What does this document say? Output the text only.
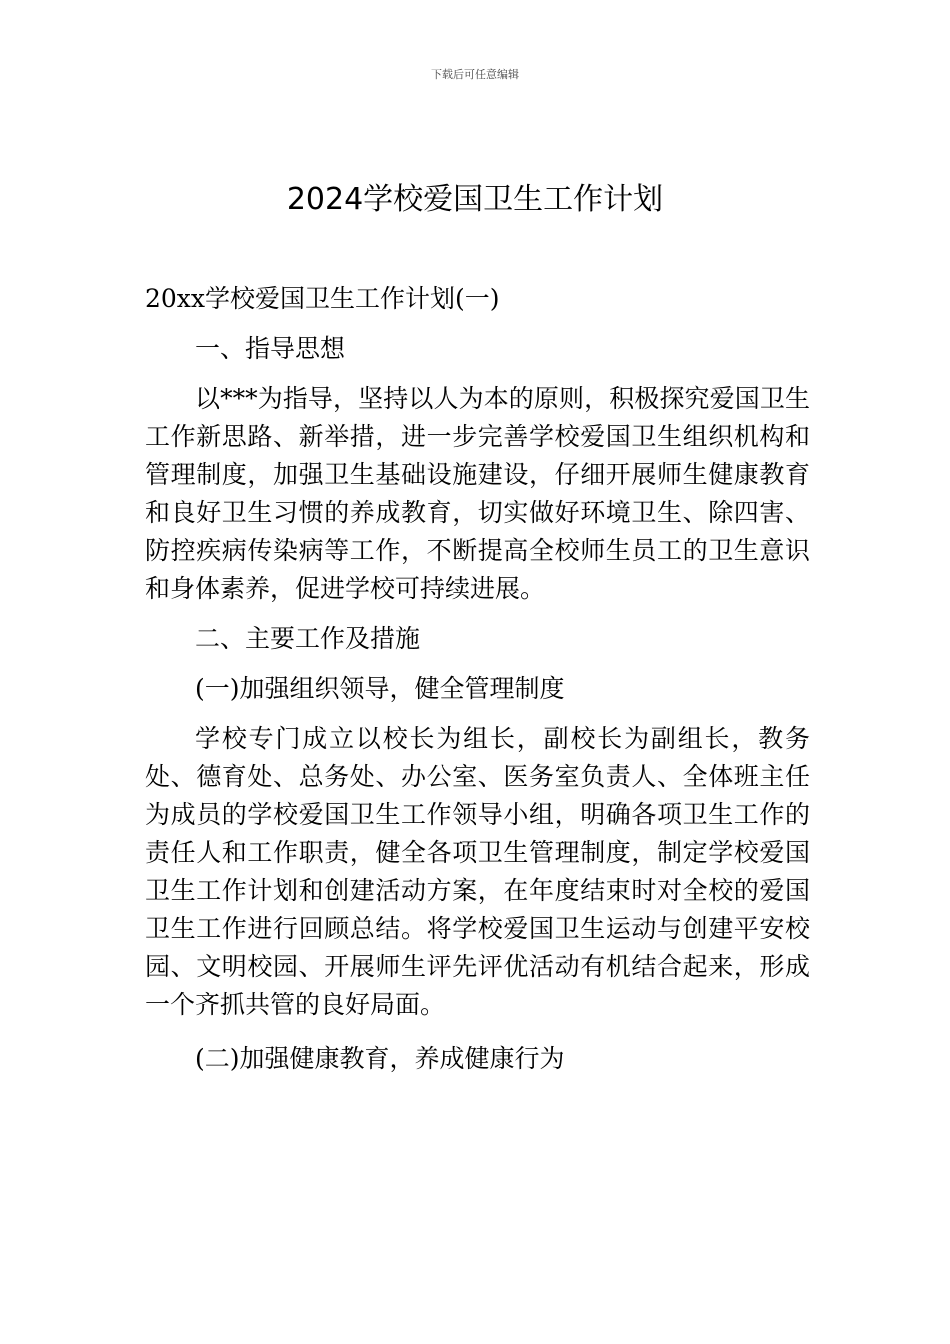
下载后可任意编辑
2024学校爱国卫生工作计划

20xx学校爱国卫生工作计划(一)

一、指导思想

以***为指导，坚持以人为本的原则，积极探究爱国卫生工作新思路、新举措，进一步完善学校爱国卫生组织机构和管理制度，加强卫生基础设施建设，仔细开展师生健康教育和良好卫生习惯的养成教育，切实做好环境卫生、除四害、防控疾病传染病等工作，不断提高全校师生员工的卫生意识和身体素养，促进学校可持续进展。

二、主要工作及措施

(一)加强组织领导，健全管理制度

学校专门成立以校长为组长，副校长为副组长，教务处、德育处、总务处、办公室、医务室负责人、全体班主任为成员的学校爱国卫生工作领导小组，明确各项卫生工作的责任人和工作职责，健全各项卫生管理制度，制定学校爱国卫生工作计划和创建活动方案，在年度结束时对全校的爱国卫生工作进行回顾总结。将学校爱国卫生运动与创建平安校园、文明校园、开展师生评先评优活动有机结合起来，形成一个齐抓共管的良好局面。

(二)加强健康教育，养成健康行为
